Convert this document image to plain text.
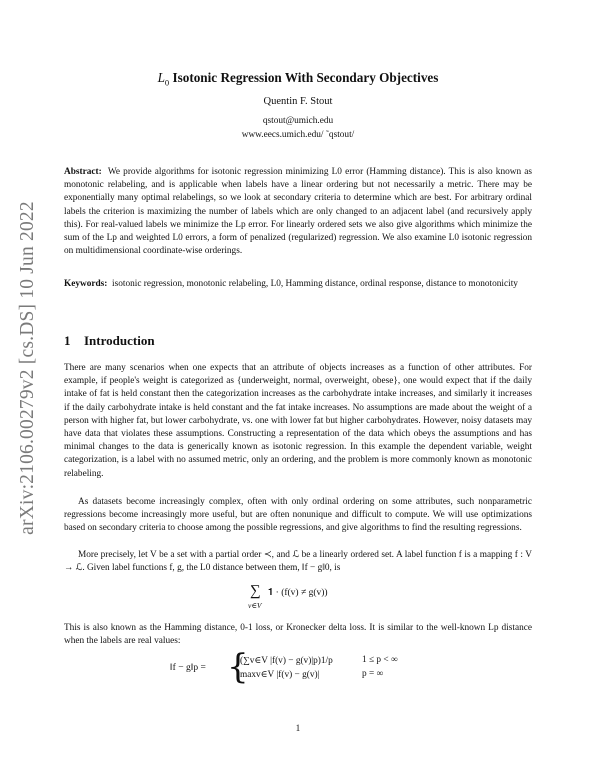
arXiv:2106.00279v2 [cs.DS] 10 Jun 2022
$L_0$ Isotonic Regression With Secondary Objectives
Quentin F. Stout
qstout@umich.edu
www.eecs.umich.edu/ ˜qstout/
Abstract: We provide algorithms for isotonic regression minimizing L0 error (Hamming distance). This is also known as monotonic relabeling, and is applicable when labels have a linear ordering but not necessarily a metric. There may be exponentially many optimal relabelings, so we look at secondary criteria to determine which are best. For arbitrary ordinal labels the criterion is maximizing the number of labels which are only changed to an adjacent label (and recursively apply this). For real-valued labels we minimize the Lp error. For linearly ordered sets we also give algorithms which minimize the sum of the Lp and weighted L0 errors, a form of penalized (regularized) regression. We also examine L0 isotonic regression on multidimensional coordinate-wise orderings.
Keywords: isotonic regression, monotonic relabeling, L0, Hamming distance, ordinal response, distance to monotonicity
1 Introduction
There are many scenarios when one expects that an attribute of objects increases as a function of other attributes. For example, if people's weight is categorized as {underweight, normal, overweight, obese}, one would expect that if the daily intake of fat is held constant then the categorization increases as the carbohydrate intake increases, and similarly it increases if the daily carbohydrate intake is held constant and the fat intake increases. No assumptions are made about the weight of a person with higher fat, but lower carbohydrate, vs. one with lower fat but higher carbohydrates. However, noisy datasets may have data that violates these assumptions. Constructing a representation of the data which obeys the assumptions and has minimal changes to the data is generically known as isotonic regression. In this example the dependent variable, weight categorization, is a label with no assumed metric, only an ordering, and the problem is more commonly known as monotonic relabeling.
As datasets become increasingly complex, often with only ordinal ordering on some attributes, such nonparametric regressions become increasingly more useful, but are often nonunique and difficult to compute. We will use optimizations based on secondary criteria to choose among the possible regressions, and give algorithms to find the resulting regressions.
More precisely, let V be a set with a partial order ≺, and ℒ be a linearly ordered set. A label function f is a mapping f : V → ℒ. Given label functions f, g, the L0 distance between them, ‖f − g‖0, is
∑
v∈V
𝟏 · (f(v) ≠ g(v))
This is also known as the Hamming distance, 0-1 loss, or Kronecker delta loss. It is similar to the well-known Lp distance when the labels are real values:
‖f − g‖p = {
(∑v∈V |f(v) − g(v)|p)1/p	1 ≤ p < ∞
maxv∈V |f(v) − g(v)|	p = ∞
1
